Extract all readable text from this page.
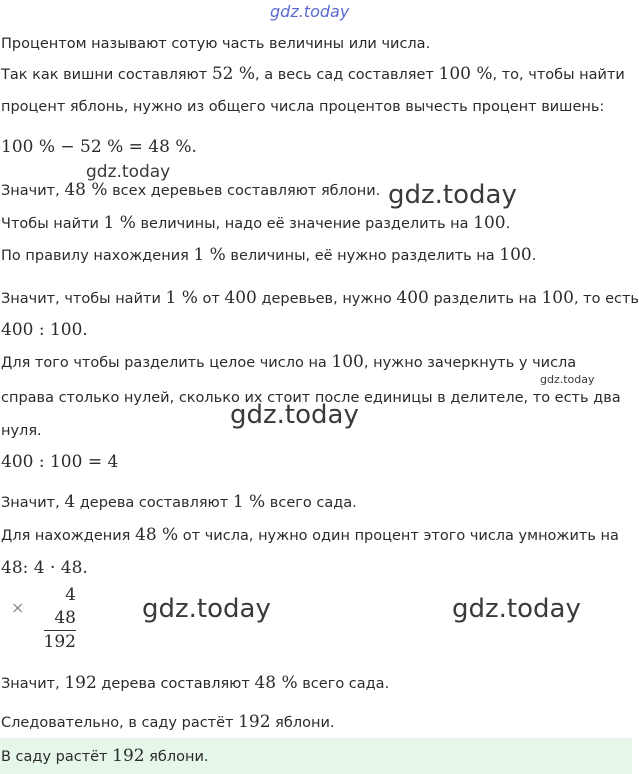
gdz.today
Процентом называют сотую часть величины или числа.
Так как вишни составляют 52 %, а весь сад составляет 100 %, то, чтобы найти
процент яблонь, нужно из общего числа процентов вычесть процент вишень:
100 % − 52 % = 48 %.
gdz.today
Значит, 48 % всех деревьев составляют яблони. gdz.today
Чтобы найти 1 % величины, надо её значение разделить на 100.
По правилу нахождения 1 % величины, её нужно разделить на 100.
Значит, чтобы найти 1 % от 400 деревьев, нужно 400 разделить на 100, то есть
400 : 100.
Для того чтобы разделить целое число на 100, нужно зачеркнуть у числа
gdz.today
справа столько нулей, сколько их стоит после единицы в делителе, то есть два
gdz.today
нуля.
400 : 100 = 4
Значит, 4 дерева составляют 1 % всего сада.
Для нахождения 48 % от числа, нужно один процент этого числа умножить на
48: 4 · 48.
×
4
48
192
gdz.today	gdz.today
Значит, 192 дерева составляют 48 % всего сада.
Следовательно, в саду растёт 192 яблони.
В саду растёт 192 яблони.
